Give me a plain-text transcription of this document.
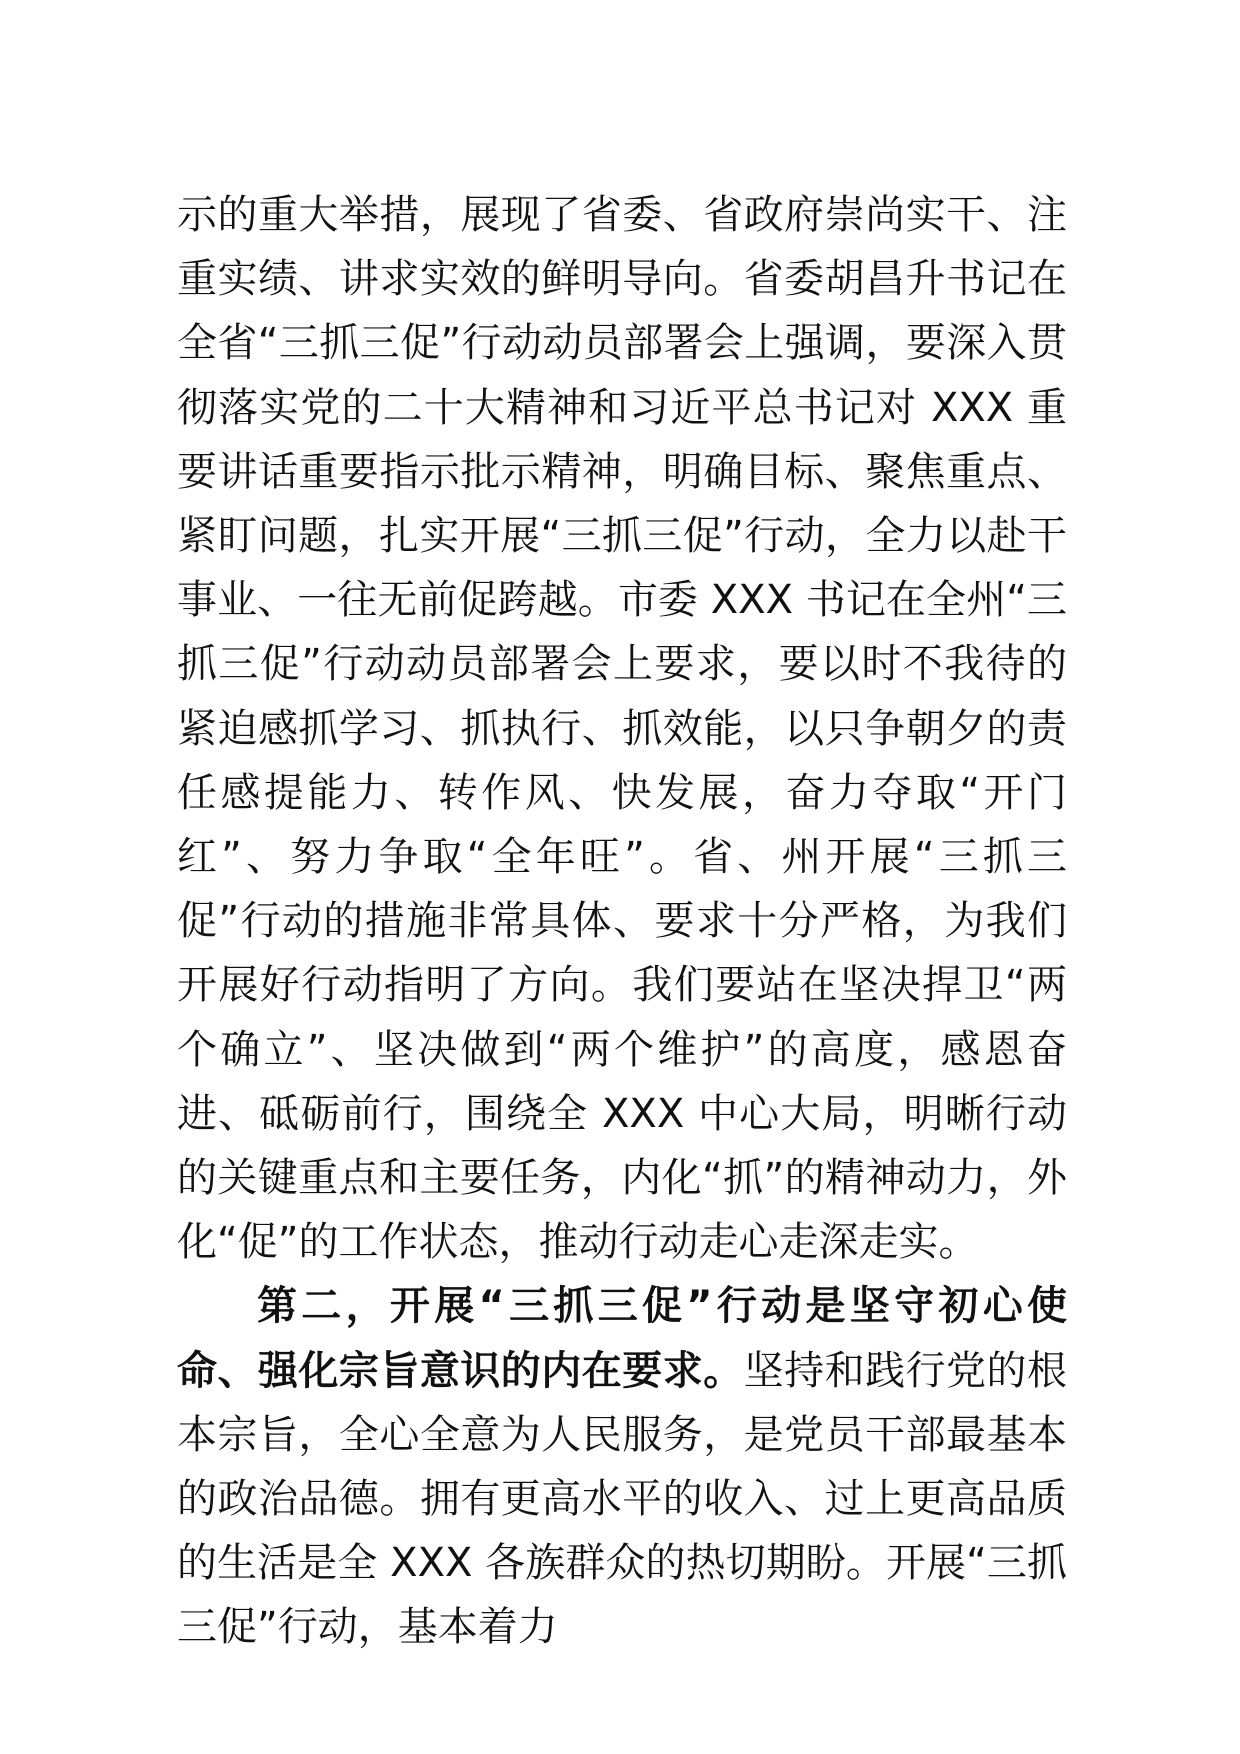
示的重大举措，展现了省委、省政府崇尚实干、注重实绩、讲求实效的鲜明导向。省委胡昌升书记在全省“三抓三促”行动动员部署会上强调，要深入贯彻落实党的二十大精神和习近平总书记对 XXX 重要讲话重要指示批示精神，明确目标、聚焦重点、紧盯问题，扎实开展“三抓三促”行动，全力以赴干事业、一往无前促跨越。市委 XXX 书记在全州“三抓三促”行动动员部署会上要求，要以时不我待的紧迫感抓学习、抓执行、抓效能，以只争朝夕的责任感提能力、转作风、快发展，奋力夺取“开门红”、努力争取“全年旺”。省、州开展“三抓三促”行动的措施非常具体、要求十分严格，为我们开展好行动指明了方向。我们要站在坚决捍卫“两个确立”、坚决做到“两个维护”的高度，感恩奋进、砥砺前行，围绕全 XXX 中心大局，明晰行动的关键重点和主要任务，内化“抓”的精神动力，外化“促”的工作状态，推动行动走心走深走实。

第二，开展“三抓三促”行动是坚守初心使命、强化宗旨意识的内在要求。坚持和践行党的根本宗旨，全心全意为人民服务，是党员干部最基本的政治品德。拥有更高水平的收入、过上更高品质的生活是全 XXX 各族群众的热切期盼。开展“三抓三促”行动，基本着力
